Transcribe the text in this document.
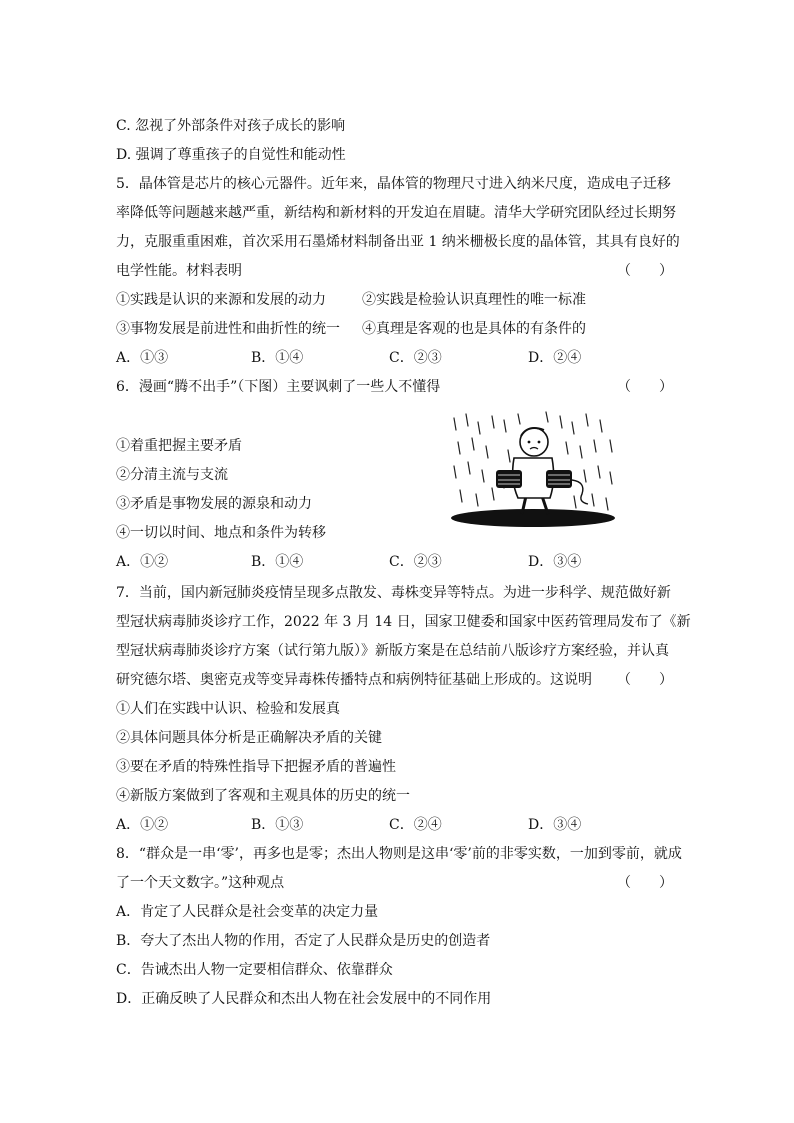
C. 忽视了外部条件对孩子成长的影响
D. 强调了尊重孩子的自觉性和能动性
5．晶体管是芯片的核心元器件。近年来，晶体管的物理尺寸进入纳米尺度，造成电子迁移
率降低等问题越来越严重，新结构和新材料的开发迫在眉睫。清华大学研究团队经过长期努
力，克服重重困难，首次采用石墨烯材料制备出亚 1 纳米栅极长度的晶体管，其具有良好的
电学性能。材料表明	（　　）
①实践是认识的来源和发展的动力	②实践是检验认识真理性的唯一标准
③事物发展是前进性和曲折性的统一 ④真理是客观的也是具体的有条件的
A．①③	B．①④	C．②③	D．②④
6．漫画“腾不出手”（下图）主要讽刺了一些人不懂得	（　　）
①着重把握主要矛盾
②分清主流与支流
③矛盾是事物发展的源泉和动力
④一切以时间、地点和条件为转移
A．①②	B．①④	C．②③	D．③④
7．当前，国内新冠肺炎疫情呈现多点散发、毒株变异等特点。为进一步科学、规范做好新
型冠状病毒肺炎诊疗工作，2022 年 3 月 14 日，国家卫健委和国家中医药管理局发布了《新
型冠状病毒肺炎诊疗方案（试行第九版）》新版方案是在总结前八版诊疗方案经验，并认真
研究德尔塔、奥密克戎等变异毒株传播特点和病例特征基础上形成的。这说明 （　　）
①人们在实践中认识、检验和发展真
②具体问题具体分析是正确解决矛盾的关键
③要在矛盾的特殊性指导下把握矛盾的普遍性
④新版方案做到了客观和主观具体的历史的统一
A．①②	B．①③	C．②④	D．③④
8．“群众是一串‘零’，再多也是零；杰出人物则是这串‘零’前的非零实数，一加到零前，就成
了一个天文数字。”这种观点	（　　）
A．肯定了人民群众是社会变革的决定力量
B．夸大了杰出人物的作用，否定了人民群众是历史的创造者
C．告诫杰出人物一定要相信群众、依靠群众
D．正确反映了人民群众和杰出人物在社会发展中的不同作用
